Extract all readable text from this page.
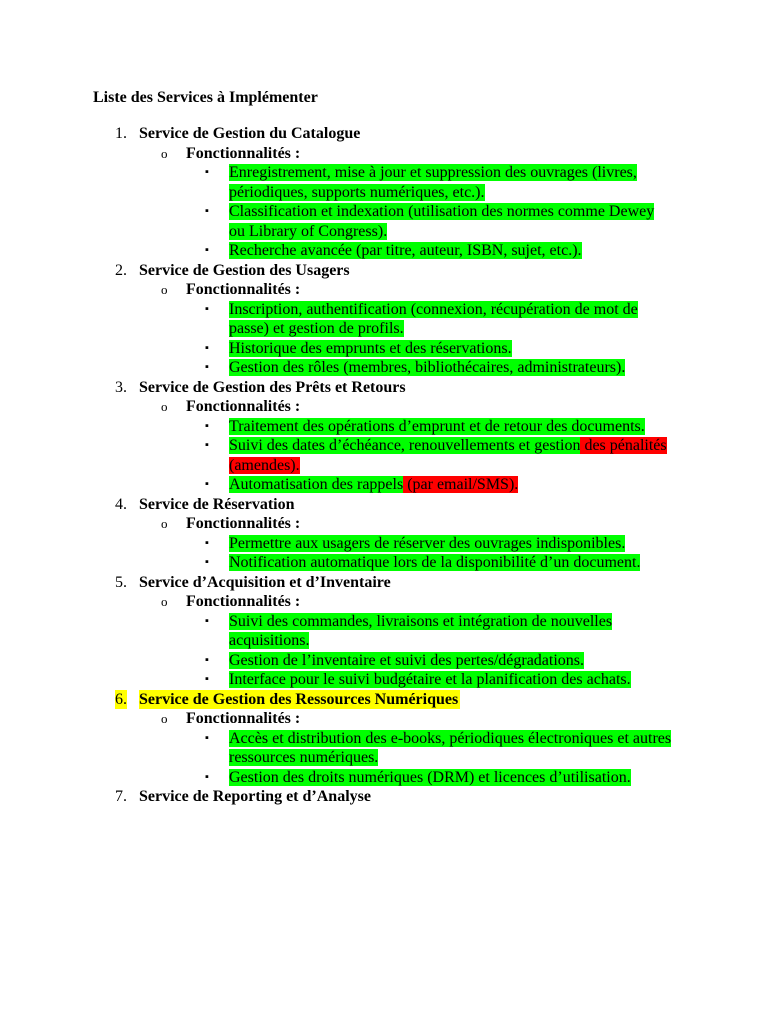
Liste des Services à Implémenter
1. Service de Gestion du Catalogue
o Fonctionnalités :
▪ Enregistrement, mise à jour et suppression des ouvrages (livres, périodiques, supports numériques, etc.).
▪ Classification et indexation (utilisation des normes comme Dewey ou Library of Congress).
▪ Recherche avancée (par titre, auteur, ISBN, sujet, etc.).
2. Service de Gestion des Usagers
o Fonctionnalités :
▪ Inscription, authentification (connexion, récupération de mot de passe) et gestion de profils.
▪ Historique des emprunts et des réservations.
▪ Gestion des rôles (membres, bibliothécaires, administrateurs).
3. Service de Gestion des Prêts et Retours
o Fonctionnalités :
▪ Traitement des opérations d’emprunt et de retour des documents.
▪ Suivi des dates d’échéance, renouvellements et gestion des pénalités (amendes).
▪ Automatisation des rappels (par email/SMS).
4. Service de Réservation
o Fonctionnalités :
▪ Permettre aux usagers de réserver des ouvrages indisponibles.
▪ Notification automatique lors de la disponibilité d’un document.
5. Service d’Acquisition et d’Inventaire
o Fonctionnalités :
▪ Suivi des commandes, livraisons et intégration de nouvelles acquisitions.
▪ Gestion de l’inventaire et suivi des pertes/dégradations.
▪ Interface pour le suivi budgétaire et la planification des achats.
6. Service de Gestion des Ressources Numériques
o Fonctionnalités :
▪ Accès et distribution des e-books, périodiques électroniques et autres ressources numériques.
▪ Gestion des droits numériques (DRM) et licences d’utilisation.
7. Service de Reporting et d’Analyse
